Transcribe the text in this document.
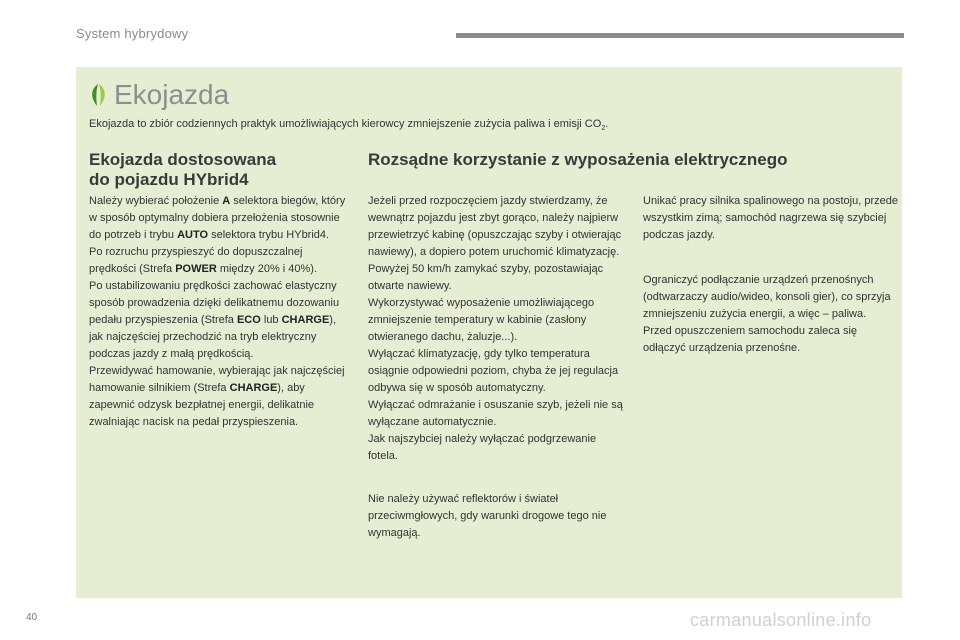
System hybrydowy
Ekojazda
Ekojazda to zbiór codziennych praktyk umożliwiających kierowcy zmniejszenie zużycia paliwa i emisji $CO_2$.
Ekojazda dostosowana
do pojazdu HYbrid4
Rozsądne korzystanie z wyposażenia elektrycznego

Należy wybierać położenie A selektora biegów, który w sposób optymalny dobiera przełożenia stosownie do potrzeb i trybu AUTO selektora trybu HYbrid4.

Po rozruchu przyspieszyć do dopuszczalnej prędkości (Strefa POWER między 20% i 40%).

Po ustabilizowaniu prędkości zachować elastyczny sposób prowadzenia dzięki delikatnemu dozowaniu pedału przyspieszenia (Strefa ECO lub CHARGE), jak najczęściej przechodzić na tryb elektryczny podczas jazdy z małą prędkością.

Przewidywać hamowanie, wybierając jak najczęściej hamowanie silnikiem (Strefa CHARGE), aby zapewnić odzysk bezpłatnej energii, delikatnie zwalniając nacisk na pedał przyspieszenia.

Jeżeli przed rozpoczęciem jazdy stwierdzamy, że wewnątrz pojazdu jest zbyt gorąco, należy najpierw przewietrzyć kabinę (opuszczając szyby i otwierając nawiewy), a dopiero potem uruchomić klimatyzację.

Powyżej 50 km/h zamykać szyby, pozostawiając otwarte nawiewy.

Wykorzystywać wyposażenie umożliwiającego zmniejszenie temperatury w kabinie (zasłony otwieranego dachu, żaluzje...).

Wyłączać klimatyzację, gdy tylko temperatura osiągnie odpowiedni poziom, chyba że jej regulacja odbywa się w sposób automatyczny.

Wyłączać odmrażanie i osuszanie szyb, jeżeli nie są wyłączane automatycznie.

Jak najszybciej należy wyłączać podgrzewanie fotela.

Nie należy używać reflektorów i świateł przeciwmgłowych, gdy warunki drogowe tego nie wymagają.

Unikać pracy silnika spalinowego na postoju, przede wszystkim zimą; samochód nagrzewa się szybciej podczas jazdy.

Ograniczyć podłączanie urządzeń przenośnych (odtwarzaczy audio/wideo, konsoli gier), co sprzyja zmniejszeniu zużycia energii, a więc – paliwa.

Przed opuszczeniem samochodu zaleca się odłączyć urządzenia przenośne.

40	carmanualsonline.info
